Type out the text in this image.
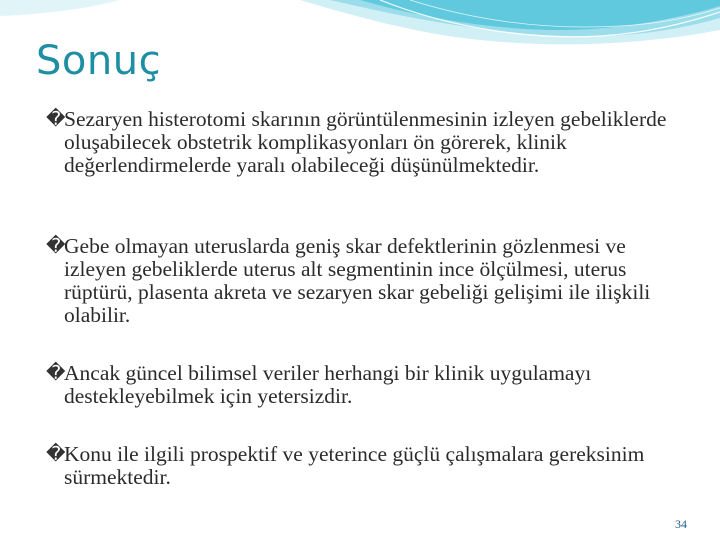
Sonuç
�
Sezaryen histerotomi skarının görüntülenmesinin izleyen gebeliklerde oluşabilecek obstetrik komplikasyonları ön görerek, klinik değerlendirmelerde yaralı olabileceği düşünülmektedir.
�
Gebe olmayan uteruslarda geniş skar defektlerinin gözlenmesi ve izleyen gebeliklerde uterus alt segmentinin ince ölçülmesi, uterus rüptürü, plasenta akreta ve sezaryen skar gebeliği gelişimi ile ilişkili olabilir.
�
Ancak güncel bilimsel veriler herhangi bir klinik uygulamayı destekleyebilmek için yetersizdir.
�
Konu ile ilgili prospektif ve yeterince güçlü çalışmalara gereksinim sürmektedir.
34
